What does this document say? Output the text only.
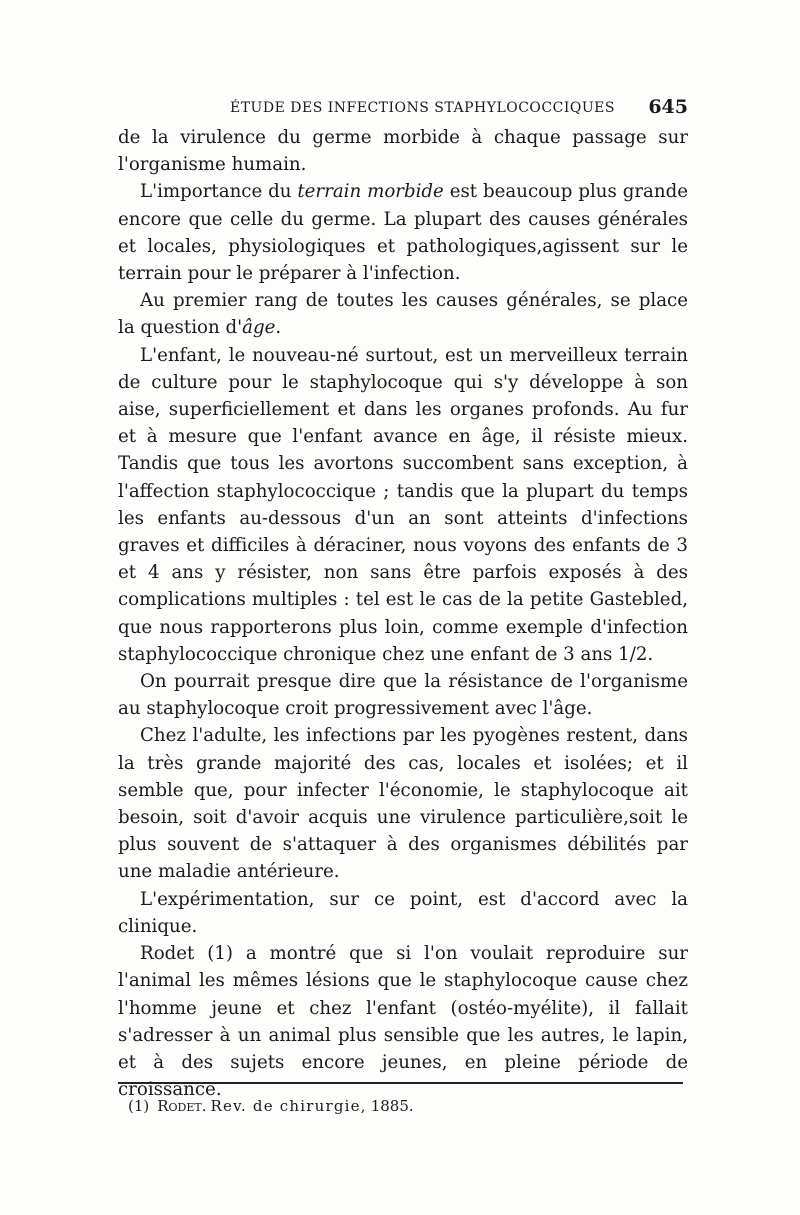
ÉTUDE DES INFECTIONS STAPHYLOCOCCIQUES 645

de la virulence du germe morbide à chaque passage sur l'organisme humain.

L'importance du terrain morbide est beaucoup plus grande encore que celle du germe. La plupart des causes générales et locales, physiologiques et pathologiques,agissent sur le terrain pour le préparer à l'infection.

Au premier rang de toutes les causes générales, se place la question d'âge.

L'enfant, le nouveau-né surtout, est un merveilleux terrain de culture pour le staphylocoque qui s'y développe à son aise, superficiellement et dans les organes profonds. Au fur et à mesure que l'enfant avance en âge, il résiste mieux. Tandis que tous les avortons succombent sans exception, à l'affection staphylococcique ; tandis que la plupart du temps les enfants au-dessous d'un an sont atteints d'infections graves et difficiles à déraciner, nous voyons des enfants de 3 et 4 ans y résister, non sans être parfois exposés à des complications multiples : tel est le cas de la petite Gastebled, que nous rapporterons plus loin, comme exemple d'infection staphylococcique chronique chez une enfant de 3 ans 1/2.

On pourrait presque dire que la résistance de l'organisme au staphylocoque croit progressivement avec l'âge.

Chez l'adulte, les infections par les pyogènes restent, dans la très grande majorité des cas, locales et isolées; et il semble que, pour infecter l'économie, le staphylocoque ait besoin, soit d'avoir acquis une virulence particulière,soit le plus souvent de s'attaquer à des organismes débilités par une maladie antérieure.

L'expérimentation, sur ce point, est d'accord avec la clinique.

Rodet (1) a montré que si l'on voulait reproduire sur l'animal les mêmes lésions que le staphylocoque cause chez l'homme jeune et chez l'enfant (ostéo-myélite), il fallait s'adresser à un animal plus sensible que les autres, le lapin, et à des sujets encore jeunes, en pleine période de croissance.

(1) Rodet. Rev. de chirurgie, 1885.
